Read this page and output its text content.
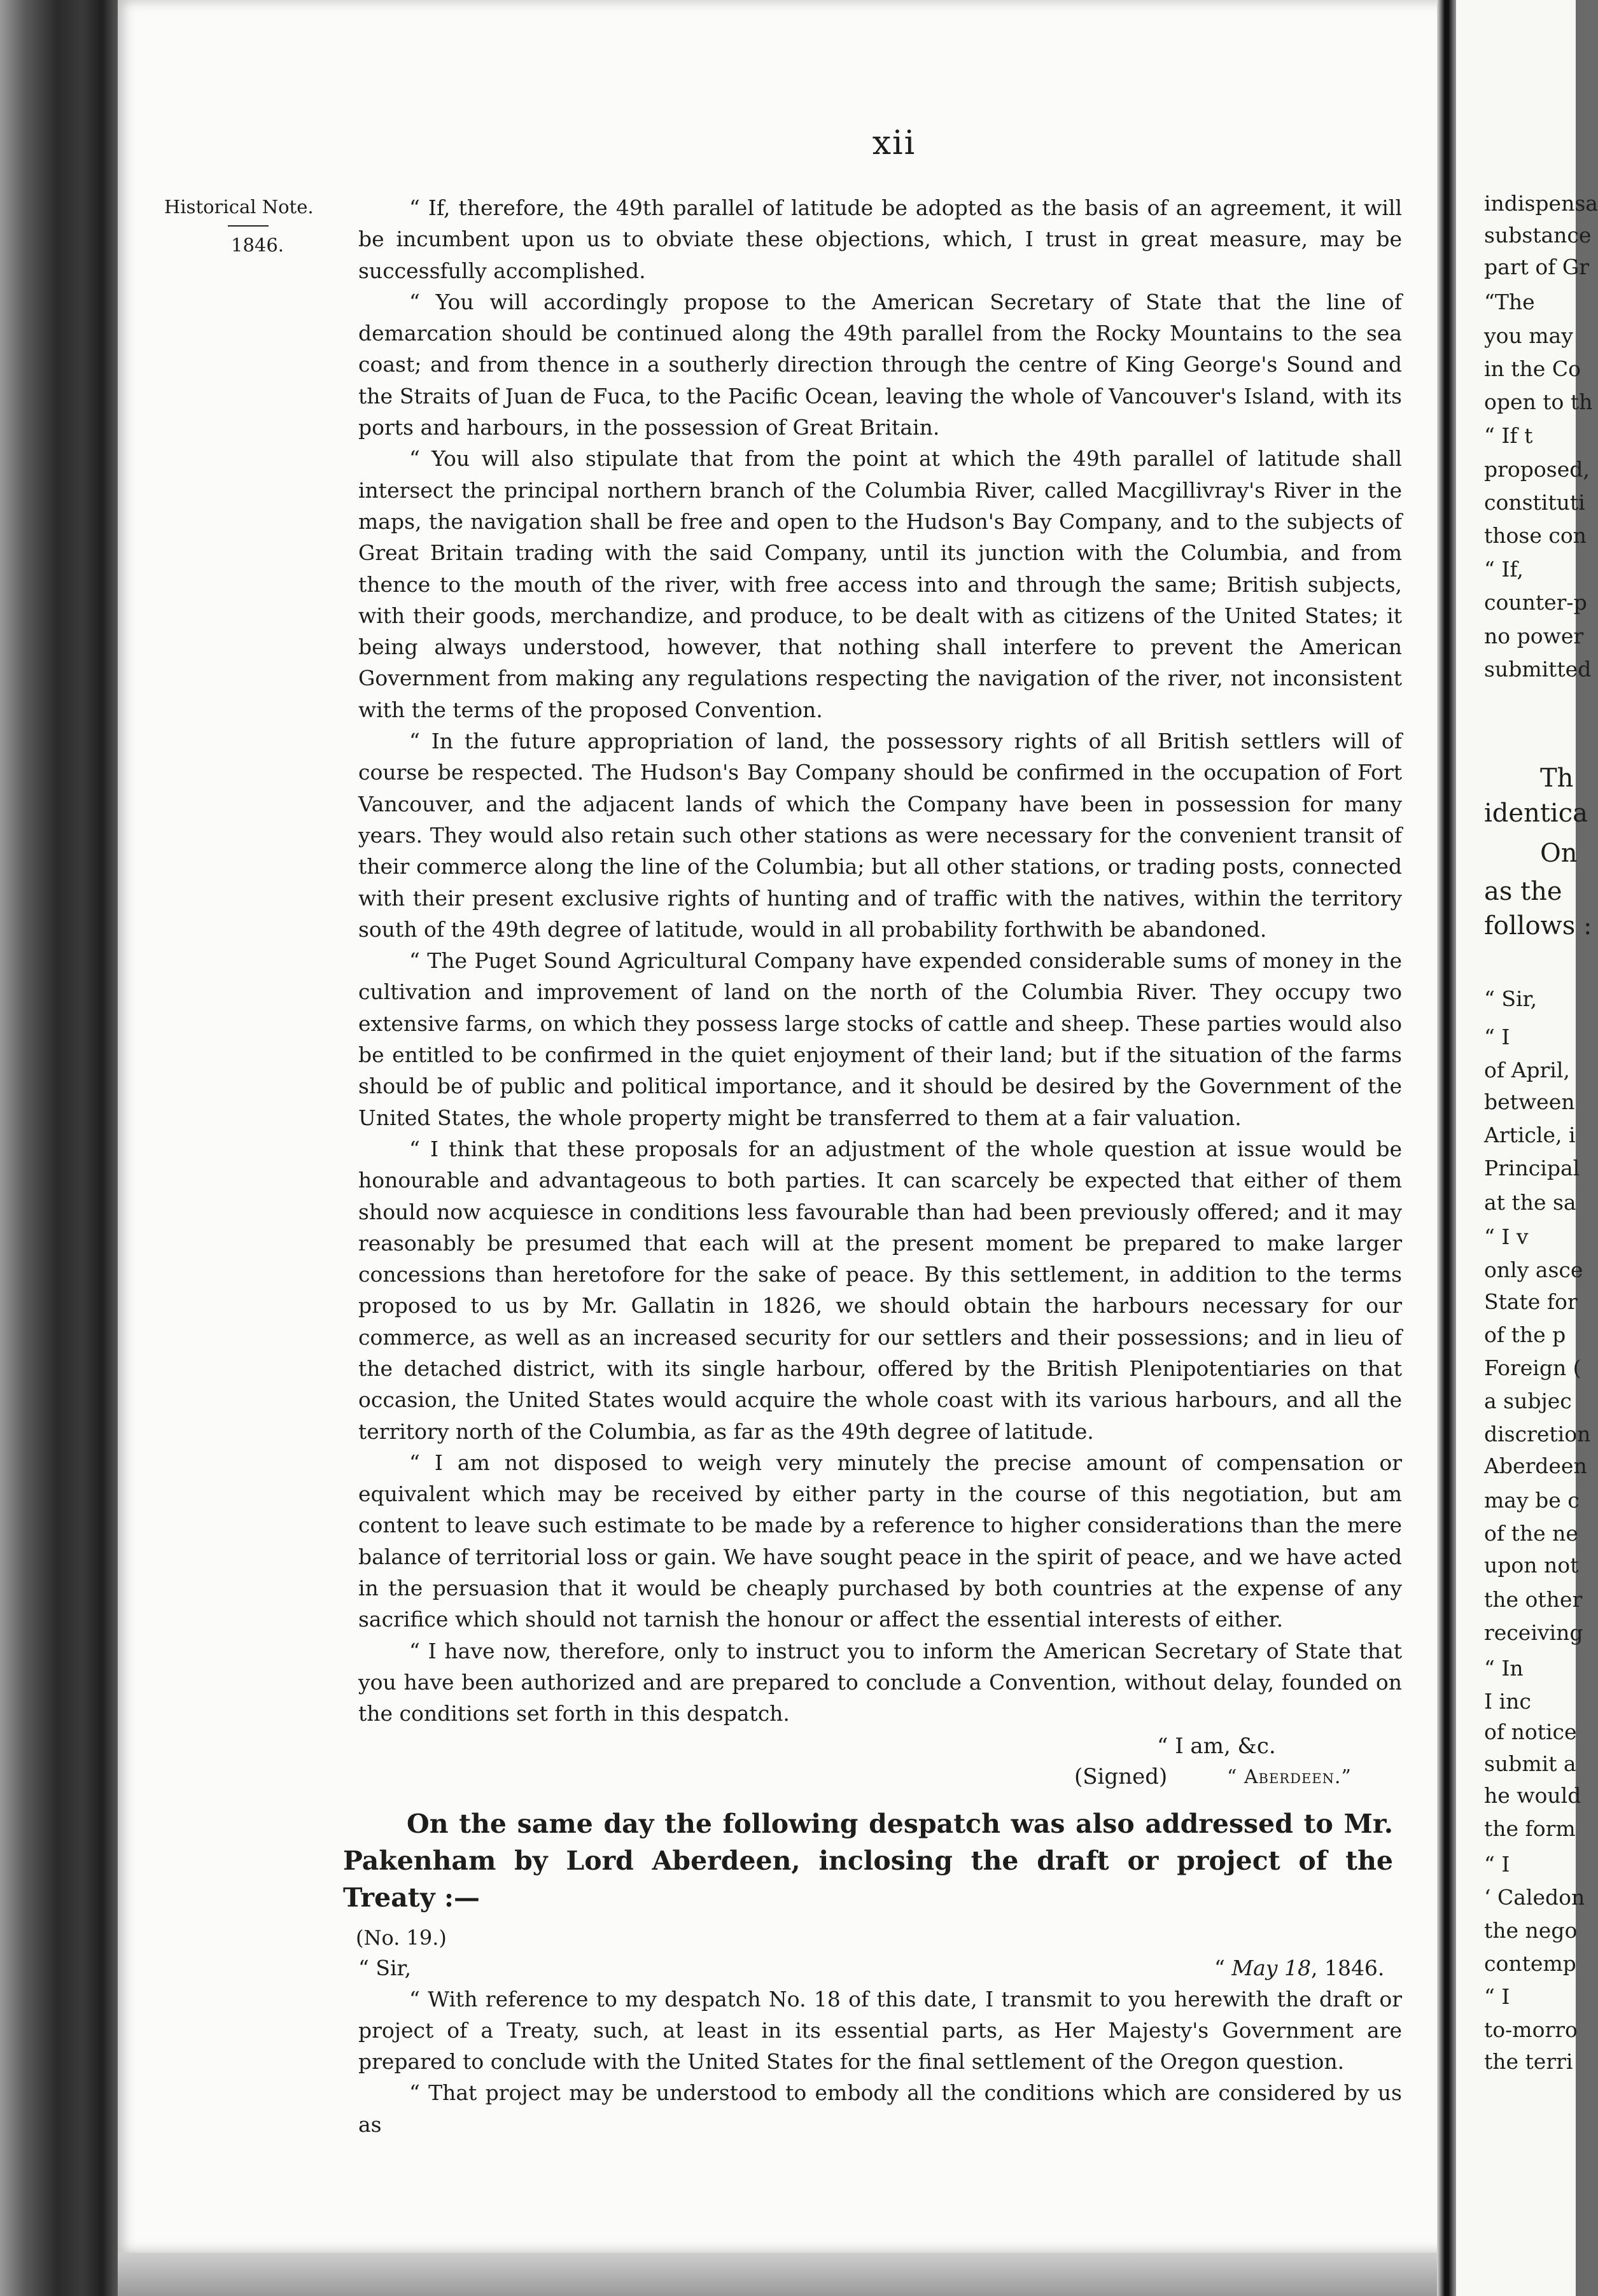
xii
Historical Note.
1846.

“ If, therefore, the 49th parallel of latitude be adopted as the basis of an agreement, it will be incumbent upon us to obviate these objections, which, I trust in great measure, may be successfully accomplished.

“ You will accordingly propose to the American Secretary of State that the line of demarcation should be continued along the 49th parallel from the Rocky Mountains to the sea coast; and from thence in a southerly direction through the centre of King George's Sound and the Straits of Juan de Fuca, to the Pacific Ocean, leaving the whole of Vancouver's Island, with its ports and harbours, in the possession of Great Britain.

“ You will also stipulate that from the point at which the 49th parallel of latitude shall intersect the principal northern branch of the Columbia River, called Macgillivray's River in the maps, the navigation shall be free and open to the Hudson's Bay Company, and to the subjects of Great Britain trading with the said Company, until its junction with the Columbia, and from thence to the mouth of the river, with free access into and through the same; British subjects, with their goods, merchandize, and produce, to be dealt with as citizens of the United States; it being always understood, however, that nothing shall interfere to prevent the American Government from making any regulations respecting the navigation of the river, not inconsistent with the terms of the proposed Convention.

“ In the future appropriation of land, the possessory rights of all British settlers will of course be respected. The Hudson's Bay Company should be confirmed in the occupation of Fort Vancouver, and the adjacent lands of which the Company have been in possession for many years. They would also retain such other stations as were necessary for the convenient transit of their commerce along the line of the Columbia; but all other stations, or trading posts, connected with their present exclusive rights of hunting and of traffic with the natives, within the territory south of the 49th degree of latitude, would in all probability forthwith be abandoned.

“ The Puget Sound Agricultural Company have expended considerable sums of money in the cultivation and improvement of land on the north of the Columbia River. They occupy two extensive farms, on which they possess large stocks of cattle and sheep. These parties would also be entitled to be confirmed in the quiet enjoyment of their land; but if the situation of the farms should be of public and political importance, and it should be desired by the Government of the United States, the whole property might be transferred to them at a fair valuation.

“ I think that these proposals for an adjustment of the whole question at issue would be honourable and advantageous to both parties. It can scarcely be expected that either of them should now acquiesce in conditions less favourable than had been previously offered; and it may reasonably be presumed that each will at the present moment be prepared to make larger concessions than heretofore for the sake of peace. By this settlement, in addition to the terms proposed to us by Mr. Gallatin in 1826, we should obtain the harbours necessary for our commerce, as well as an increased security for our settlers and their possessions; and in lieu of the detached district, with its single harbour, offered by the British Plenipotentiaries on that occasion, the United States would acquire the whole coast with its various harbours, and all the territory north of the Columbia, as far as the 49th degree of latitude.

“ I am not disposed to weigh very minutely the precise amount of compensation or equivalent which may be received by either party in the course of this negotiation, but am content to leave such estimate to be made by a reference to higher considerations than the mere balance of territorial loss or gain. We have sought peace in the spirit of peace, and we have acted in the persuasion that it would be cheaply purchased by both countries at the expense of any sacrifice which should not tarnish the honour or affect the essential interests of either.

“ I have now, therefore, only to instruct you to inform the American Secretary of State that you have been authorized and are prepared to conclude a Convention, without delay, founded on the conditions set forth in this despatch.

“ I am, &c.
(Signed)	“ Aberdeen.”
On the same day the following despatch was also addressed to Mr. Pakenham by Lord Aberdeen, inclosing the draft or project of the Treaty :—
(No. 19.)
“ Sir,	“ May 18, 1846.

“ With reference to my despatch No. 18 of this date, I transmit to you herewith the draft or project of a Treaty, such, at least in its essential parts, as Her Majesty's Government are prepared to conclude with the United States for the final settlement of the Oregon question.

“ That project may be understood to embody all the conditions which are considered by us as

indispensa
substance
part of Gr
“The
you may
in the Co
open to th
“ If t
proposed,
constituti
those con
“ If,
counter-p
no power
submitted
Th
identica
On
as the
follows :
“ Sir,
“ I
of April,
between
Article, i
Principal
at the sa
“ I v
only asce
State for
of the p
Foreign (
a subjec
discretion
Aberdeen
may be c
of the ne
upon not
the other
receiving
“ In
I inc
of notice
submit a
he would
the form
“ I
‘ Caledon
the nego
contemp
“ I
to-morro
the terri
